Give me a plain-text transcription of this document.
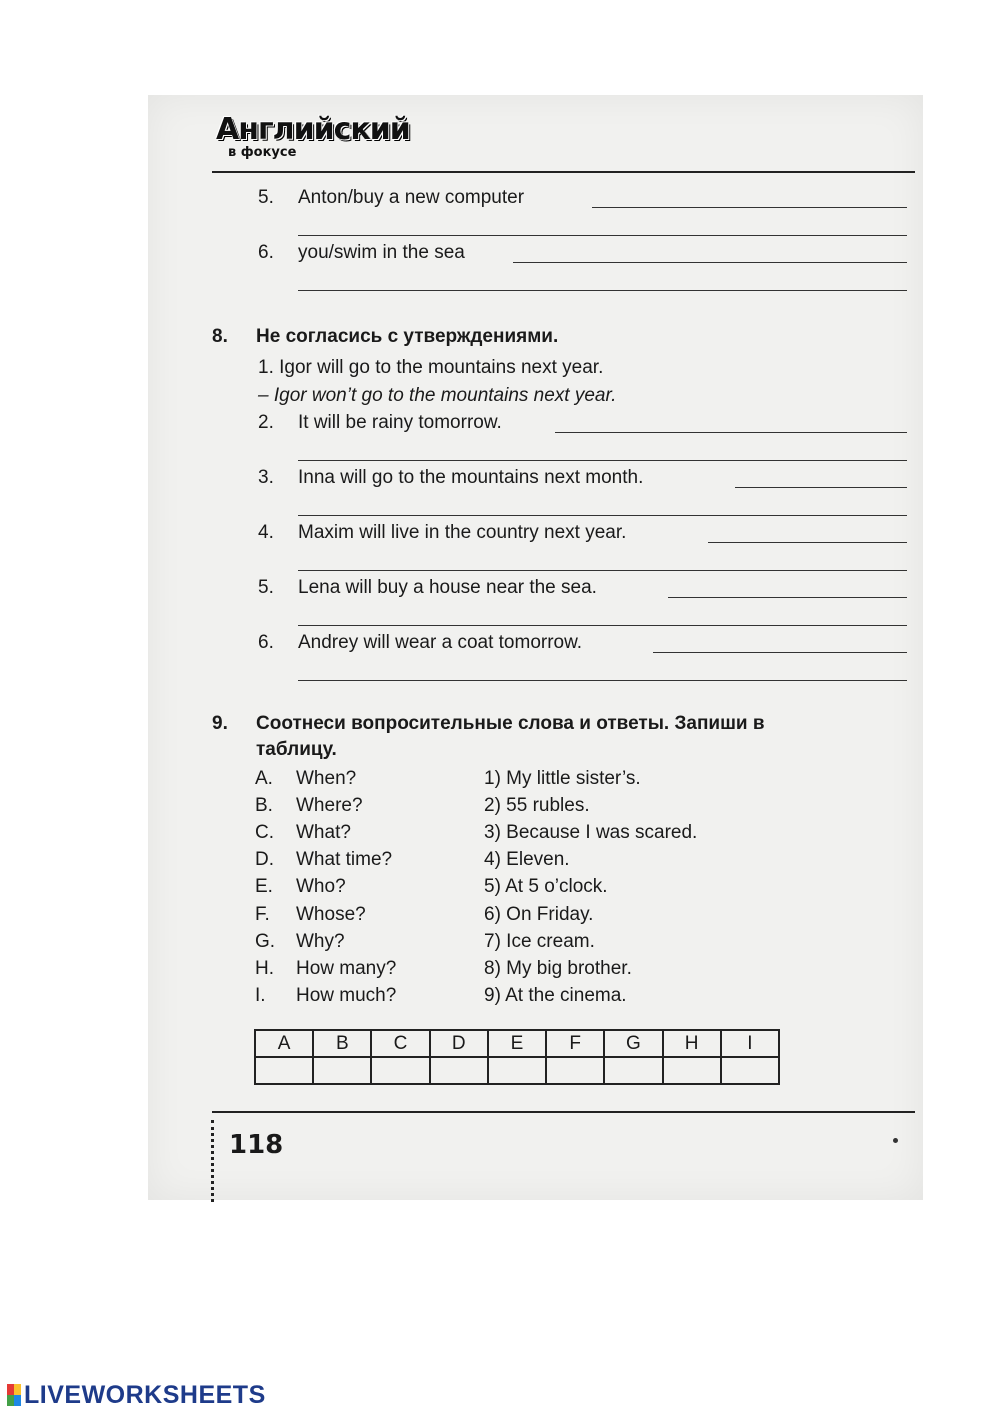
Английский
в фокусе
5. Anton/buy a new computer
6. you/swim in the sea
8. Не согласись с утверждениями.
1. Igor will go to the mountains next year.
– Igor won’t go to the mountains next year.
2. It will be rainy tomorrow.
3. Inna will go to the mountains next month.
4. Maxim will live in the country next year.
5. Lena will buy a house near the sea.
6. Andrey will wear a coat tomorrow.
9. Соотнеси вопросительные слова и ответы. Запиши в
таблицу.
A. When?	1) My little sister’s.
B. Where?	2) 55 rubles.
C. What?	3) Because I was scared.
D. What time?	4) Eleven.
E. Who?	5) At 5 o’clock.
F. Whose?	6) On Friday.
G. Why?	7) Ice cream.
H. How many?	8) My big brother.
I. How much?	9) At the cinema.
A	B	C	D	E	F	G	H	I

118
LIVEWORKSHEETS
